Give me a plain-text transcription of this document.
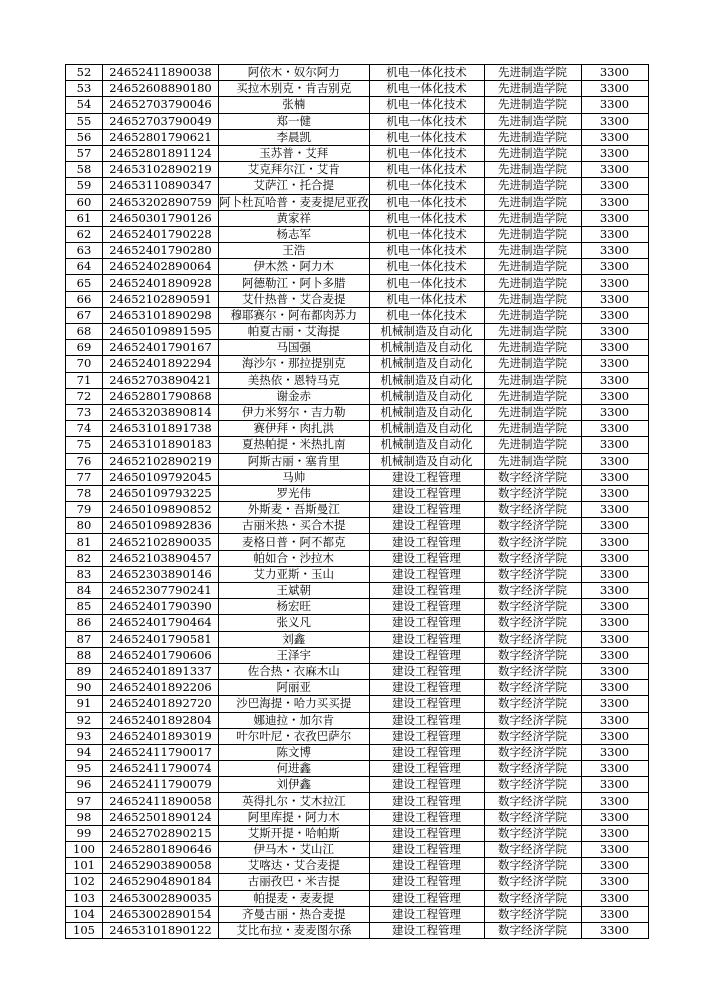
52	24652411890038	阿依木・奴尔阿力	机电一体化技术	先进制造学院	3300
53	24652608890180	买拉木别克・肯吉别克	机电一体化技术	先进制造学院	3300
54	24652703790046	张楠	机电一体化技术	先进制造学院	3300
55	24652703790049	郑一健	机电一体化技术	先进制造学院	3300
56	24652801790621	李晨凯	机电一体化技术	先进制造学院	3300
57	24652801891124	玉苏普・艾拜	机电一体化技术	先进制造学院	3300
58	24653102890219	艾克拜尔江・艾肯	机电一体化技术	先进制造学院	3300
59	24653110890347	艾萨江・托合提	机电一体化技术	先进制造学院	3300
60	24653202890759	阿卜杜瓦哈普・麦麦提尼亚孜	机电一体化技术	先进制造学院	3300
61	24650301790126	黄家祥	机电一体化技术	先进制造学院	3300
62	24652401790228	杨志军	机电一体化技术	先进制造学院	3300
63	24652401790280	王浩	机电一体化技术	先进制造学院	3300
64	24652402890064	伊木然・阿力木	机电一体化技术	先进制造学院	3300
65	24652401890928	阿德勒江・阿卜多腊	机电一体化技术	先进制造学院	3300
66	24652102890591	艾什热普・艾合麦提	机电一体化技术	先进制造学院	3300
67	24653101890298	穆耶赛尔・阿布都肉苏力	机电一体化技术	先进制造学院	3300
68	24650109891595	帕夏古丽・艾海提	机械制造及自动化	先进制造学院	3300
69	24652401790167	马国强	机械制造及自动化	先进制造学院	3300
70	24652401892294	海沙尔・那拉提别克	机械制造及自动化	先进制造学院	3300
71	24652703890421	美热依・恩特马克	机械制造及自动化	先进制造学院	3300
72	24652801790868	谢金赤	机械制造及自动化	先进制造学院	3300
73	24653203890814	伊力米努尔・吉力勒	机械制造及自动化	先进制造学院	3300
74	24653101891738	赛伊拜・肉扎洪	机械制造及自动化	先进制造学院	3300
75	24653101890183	夏热帕提・米热扎南	机械制造及自动化	先进制造学院	3300
76	24652102890219	阿斯古丽・塞肯里	机械制造及自动化	先进制造学院	3300
77	24650109792045	马帅	建设工程管理	数字经济学院	3300
78	24650109793225	罗光伟	建设工程管理	数字经济学院	3300
79	24650109890852	外斯麦・吾斯曼江	建设工程管理	数字经济学院	3300
80	24650109892836	古丽米热・买合木提	建设工程管理	数字经济学院	3300
81	24652102890035	麦格日普・阿不都克	建设工程管理	数字经济学院	3300
82	24652103890457	帕如合・沙拉木	建设工程管理	数字经济学院	3300
83	24652303890146	艾力亚斯・玉山	建设工程管理	数字经济学院	3300
84	24652307790241	王斌朝	建设工程管理	数字经济学院	3300
85	24652401790390	杨宏旺	建设工程管理	数字经济学院	3300
86	24652401790464	张义凡	建设工程管理	数字经济学院	3300
87	24652401790581	刘鑫	建设工程管理	数字经济学院	3300
88	24652401790606	王泽宇	建设工程管理	数字经济学院	3300
89	24652401891337	佐合热・衣麻木山	建设工程管理	数字经济学院	3300
90	24652401892206	阿丽亚	建设工程管理	数字经济学院	3300
91	24652401892720	沙巴海提・哈力买买提	建设工程管理	数字经济学院	3300
92	24652401892804	娜迪拉・加尔肯	建设工程管理	数字经济学院	3300
93	24652401893019	叶尔叶尼・衣孜巴萨尔	建设工程管理	数字经济学院	3300
94	24652411790017	陈文博	建设工程管理	数字经济学院	3300
95	24652411790074	何进鑫	建设工程管理	数字经济学院	3300
96	24652411790079	刘伊鑫	建设工程管理	数字经济学院	3300
97	24652411890058	英得扎尔・艾木拉江	建设工程管理	数字经济学院	3300
98	24652501890124	阿里库提・阿力木	建设工程管理	数字经济学院	3300
99	24652702890215	艾斯开提・哈帕斯	建设工程管理	数字经济学院	3300
100	24652801890646	伊马木・艾山江	建设工程管理	数字经济学院	3300
101	24652903890058	艾喀达・艾合麦提	建设工程管理	数字经济学院	3300
102	24652904890184	古丽孜巴・米吉提	建设工程管理	数字经济学院	3300
103	24653002890035	帕提麦・麦麦提	建设工程管理	数字经济学院	3300
104	24653002890154	齐曼古丽・热合麦提	建设工程管理	数字经济学院	3300
105	24653101890122	艾比布拉・麦麦图尔孫	建设工程管理	数字经济学院	3300
